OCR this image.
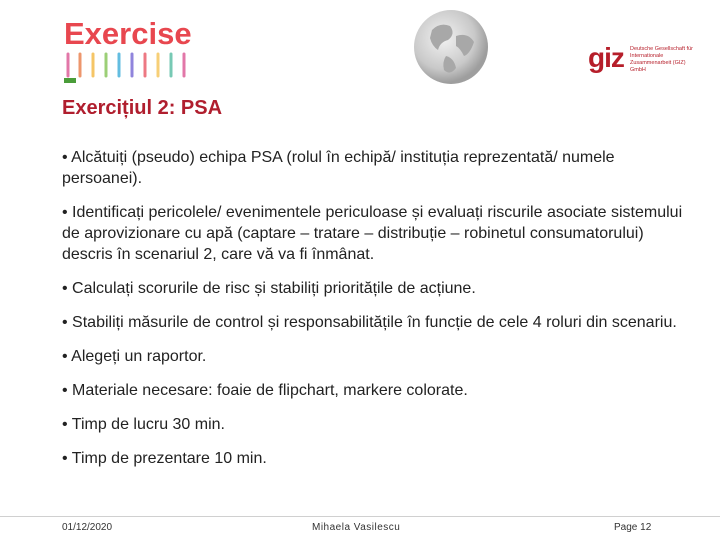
Exercise
giz Deutsche Gesellschaft für Internationale Zusammenarbeit (GIZ) GmbH
Exercițiul 2: PSA

• Alcătuiți (pseudo) echipa PSA (rolul în echipă/ instituția reprezentată/ numele persoanei).

• Identificați pericolele/ evenimentele periculoase și evaluați riscurile asociate sistemului de aprovizionare cu apă (captare – tratare – distribuție – robinetul consumatorului) descris în scenariul 2, care vă va fi înmânat.

• Calculați scorurile de risc și stabiliți prioritățile de acțiune.

• Stabiliți măsurile de control și responsabilitățile în funcție de cele 4 roluri din scenariu.

• Alegeți un raportor.

• Materiale necesare: foaie de flipchart, markere colorate.

• Timp de lucru 30 min.

• Timp de prezentare 10 min.

01/12/2020	Mihaela Vasilescu	Page 12
